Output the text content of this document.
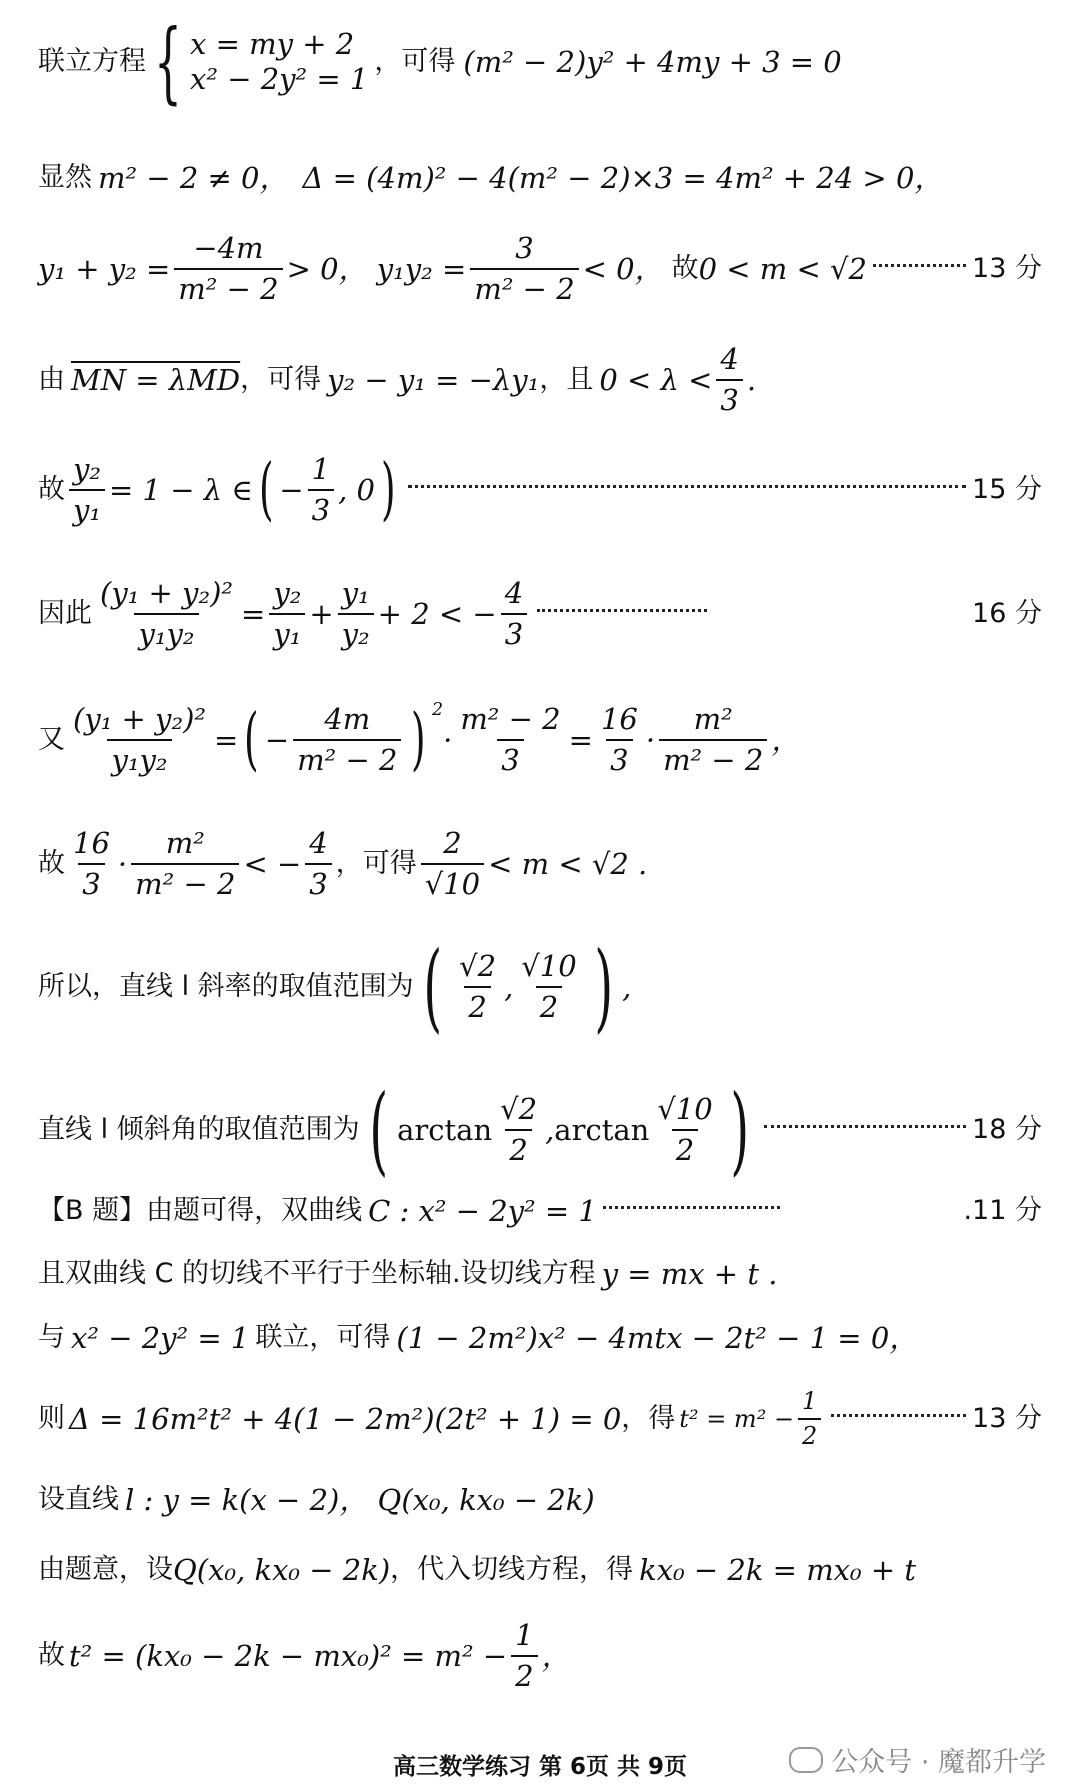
联立方程 { x = my + 2
x² − 2y² = 1
，可得 (m² − 2)y² + 4my + 3 = 0
显然 m² − 2 ≠ 0， Δ = (4m)² − 4(m² − 2)×3 = 4m² + 24 > 0，
$y_1 + y_2 = \frac{-4m}{\text{m² − 2}} > 0$， $y_1y_2 = \frac{3}{\text{m² − 2}} < 0$， 故 0 < m < √2	13 分
由 MN = λMD ，可得 y₂ − y₁ = −λy₁ ，且 $0 < \lambda < \frac{4}{3}$ .
故 $\frac{\text{y₂}}{\text{y₁}} = 1 - \lambda$ ∈ ( − $\frac{1}{3}$ , 0 )	15 分
因此 $\frac{\text{(y₁ + y₂)²}}{\text{y₁y₂}} = \frac{\text{y₂}}{\text{y₁}} + \frac{\text{y₁}}{\text{y₂}} + 2$ < − $\frac{4}{3}$	16 分
又 $\frac{\text{(y₁ + y₂)²}}{\text{y₁y₂}}$ = ( − $\frac{4m}{\text{m² − 2}}$ ) $^2$
· $\frac{\text{m² − 2}}{3} = \frac{16}{3} \cdot \frac{\text{m²}}{\text{m² − 2}}$ ，
故 $\frac{16}{3} \cdot \frac{\text{m²}}{\text{m² − 2}}$ < − $\frac{4}{3}$ ，可得 $\frac{2}{√10} < m < √2$ .
所以，直线 l 斜率的取值范围为 ( $\frac{√2}{2}$ , $\frac{√10}{2}$ ) ,
直线 l 倾斜角的取值范围为 ( $\arctan \frac{√2}{2}$ , $\arctan \frac{√10}{2}$ )	18 分
【B 题】由题可得，双曲线 C : x² − 2y² = 1	.11 分
且双曲线 C 的切线不平行于坐标轴.设切线方程 y = mx + t .
与 x² − 2y² = 1 联立，可得 (1 − 2m²)x² − 4mtx − 2t² − 1 = 0，
则 Δ = 16m²t² + 4(1 − 2m²)(2t² + 1) = 0 ，得 $t^2 = m^2 - \frac{1}{2}$	13 分
设直线 l : y = k(x − 2)， Q(x₀, kx₀ − 2k)
由题意，设 Q(x₀, kx₀ − 2k) ，代入切线方程，得 kx₀ − 2k = mx₀ + t
故 $t^2 = (kx_0 - 2k - mx_0)^2 = m^2 - \frac{1}{2}$ ，
高三数学练习 第 6页 共 9页	公众号 · 魔都升学
